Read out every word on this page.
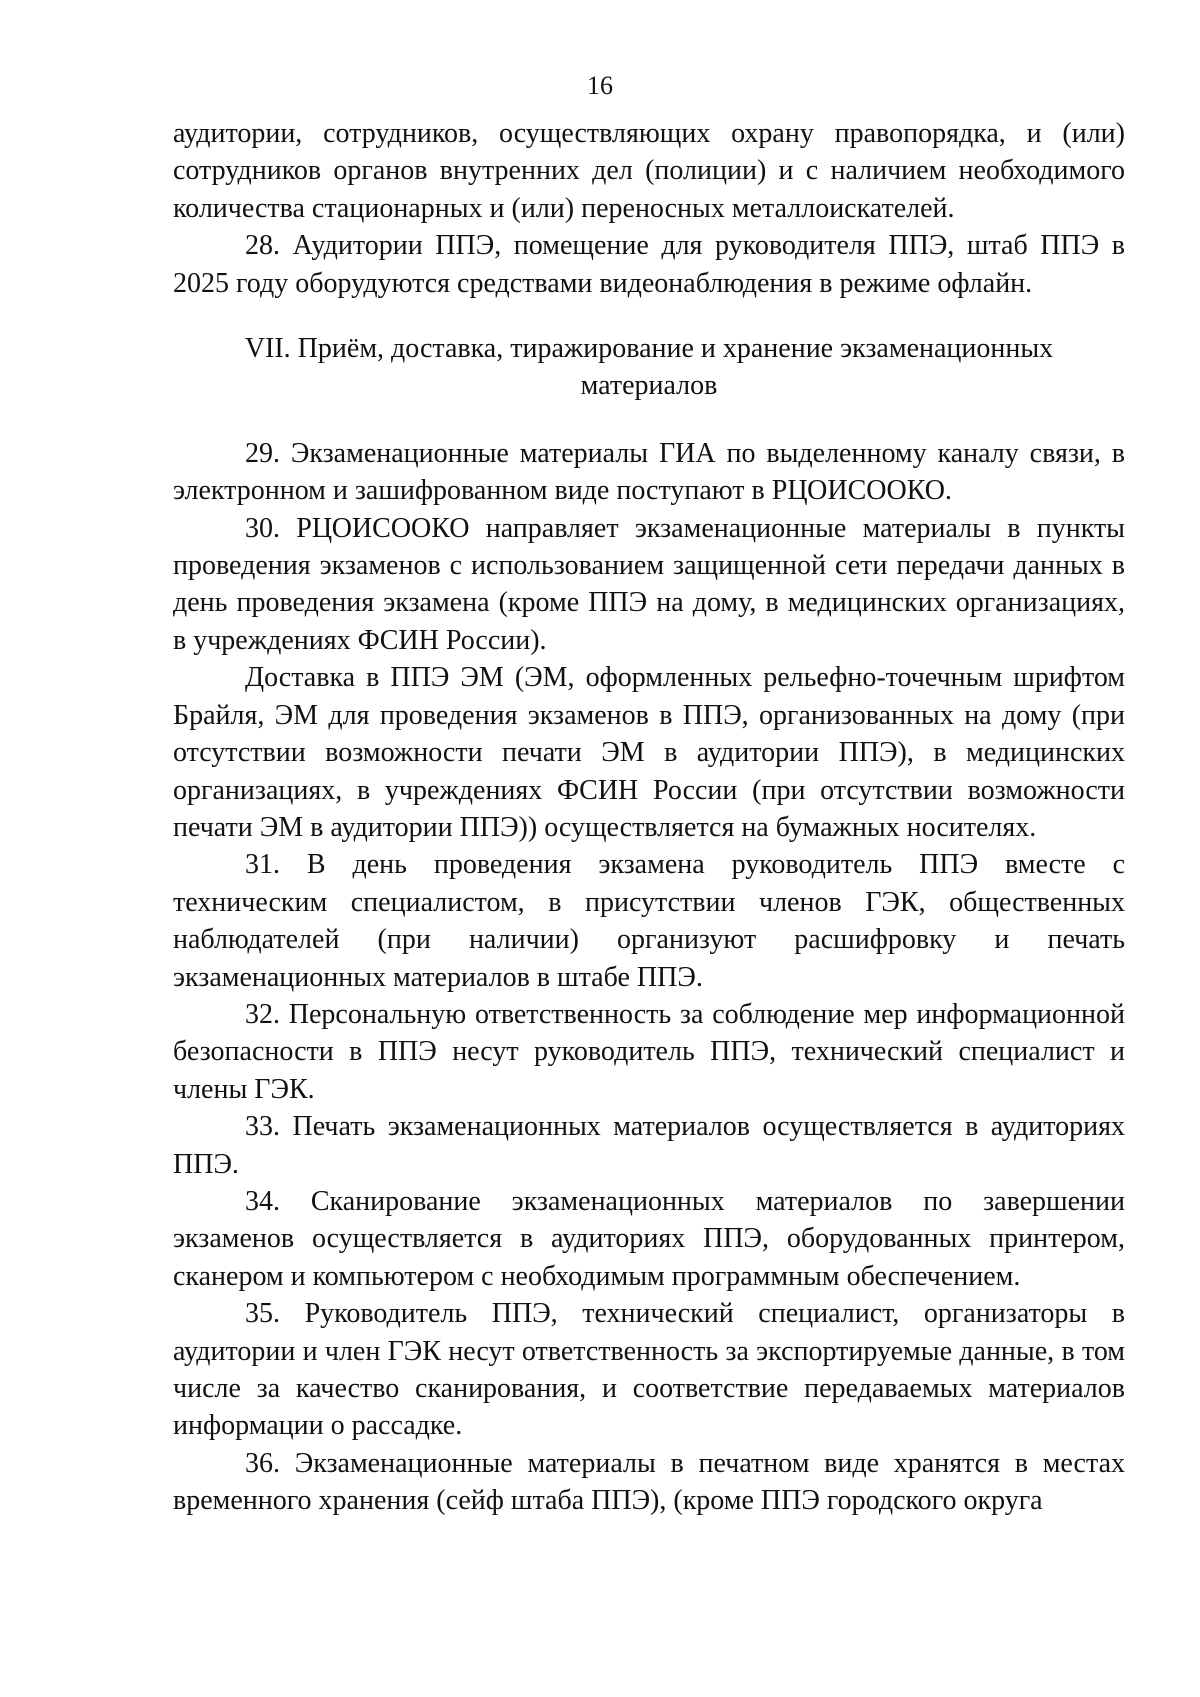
16

аудитории, сотрудников, осуществляющих охрану правопорядка, и (или) сотрудников органов внутренних дел (полиции) и с наличием необходимого количества стационарных и (или) переносных металлоискателей.

28. Аудитории ППЭ, помещение для руководителя ППЭ, штаб ППЭ в 2025 году оборудуются средствами видеонаблюдения в режиме офлайн.

VII. Приём, доставка, тиражирование и хранение экзаменационных
материалов

29. Экзаменационные материалы ГИА по выделенному каналу связи, в электронном и зашифрованном виде поступают в РЦОИСООКО.

30. РЦОИСООКО направляет экзаменационные материалы в пункты проведения экзаменов с использованием защищенной сети передачи данных в день проведения экзамена (кроме ППЭ на дому, в медицинских организациях, в учреждениях ФСИН России).

Доставка в ППЭ ЭМ (ЭМ, оформленных рельефно-точечным шрифтом Брайля, ЭМ для проведения экзаменов в ППЭ, организованных на дому (при отсутствии возможности печати ЭМ в аудитории ППЭ), в медицинских организациях, в учреждениях ФСИН России (при отсутствии возможности печати ЭМ в аудитории ППЭ)) осуществляется на бумажных носителях.

31. В день проведения экзамена руководитель ППЭ вместе с техническим специалистом, в присутствии членов ГЭК, общественных наблюдателей (при наличии) организуют расшифровку и печать экзаменационных материалов в штабе ППЭ.

32. Персональную ответственность за соблюдение мер информационной безопасности в ППЭ несут руководитель ППЭ, технический специалист и члены ГЭК.

33. Печать экзаменационных материалов осуществляется в аудиториях ППЭ.

34. Сканирование экзаменационных материалов по завершении экзаменов осуществляется в аудиториях ППЭ, оборудованных принтером, сканером и компьютером с необходимым программным обеспечением.

35. Руководитель ППЭ, технический специалист, организаторы в аудитории и член ГЭК несут ответственность за экспортируемые данные, в том числе за качество сканирования, и соответствие передаваемых материалов информации о рассадке.

36. Экзаменационные материалы в печатном виде хранятся в местах временного хранения (сейф штаба ППЭ), (кроме ППЭ городского округа
